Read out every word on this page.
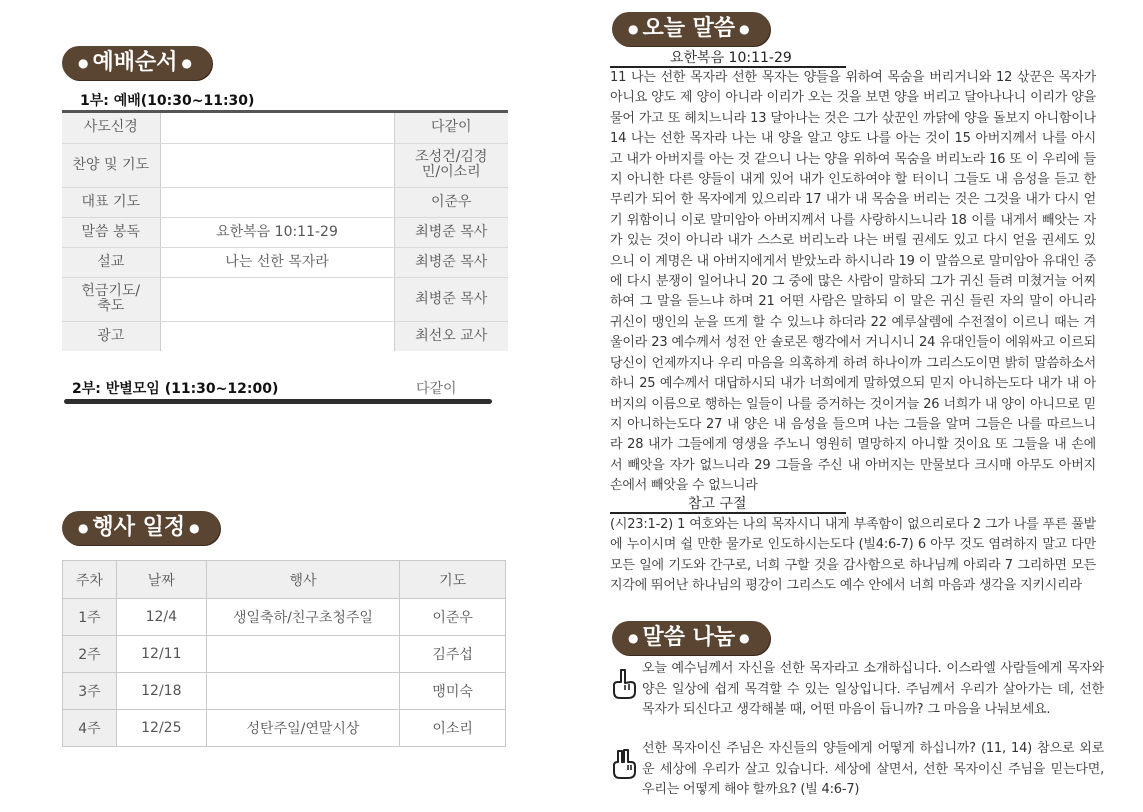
● 예배순서 ●
1부: 예배(10:30~11:30)
사도신경		다같이
찬양 및 기도		조성건/김경민/이소리
대표 기도		이준우
말씀 봉독	요한복음 10:11-29	최병준 목사
설교	나는 선한 목자라	최병준 목사
헌금기도/축도		최병준 목사
광고		최선오 교사
2부: 반별모임 (11:30~12:00)	다같이
● 행사 일정 ●
주차	날짜	행사	기도
1주	12/4	생일축하/친구초청주일	이준우
2주	12/11		김주섭
3주	12/18		맹미숙
4주	12/25	성탄주일/연말시상	이소리
● 오늘 말씀 ●
요한복음 10:11-29
11 나는 선한 목자라 선한 목자는 양들을 위하여 목숨을 버리거니와 12 삯꾼은 목자가 아니요 양도 제 양이 아니라 이리가 오는 것을 보면 양을 버리고 달아나나니 이리가 양을 물어 가고 또 헤치느니라 13 달아나는 것은 그가 삯꾼인 까닭에 양을 돌보지 아니함이나 14 나는 선한 목자라 나는 내 양을 알고 양도 나를 아는 것이 15 아버지께서 나를 아시고 내가 아버지를 아는 것 같으니 나는 양을 위하여 목숨을 버리노라 16 또 이 우리에 들지 아니한 다른 양들이 내게 있어 내가 인도하여야 할 터이니 그들도 내 음성을 듣고 한 무리가 되어 한 목자에게 있으리라 17 내가 내 목숨을 버리는 것은 그것을 내가 다시 얻기 위함이니 이로 말미암아 아버지께서 나를 사랑하시느니라 18 이를 내게서 빼앗는 자가 있는 것이 아니라 내가 스스로 버리노라 나는 버릴 권세도 있고 다시 얻을 권세도 있으니 이 계명은 내 아버지에게서 받았노라 하시니라 19 이 말씀으로 말미암아 유대인 중에 다시 분쟁이 일어나니 20 그 중에 많은 사람이 말하되 그가 귀신 들려 미쳤거늘 어찌하여 그 말을 듣느냐 하며 21 어떤 사람은 말하되 이 말은 귀신 들린 자의 말이 아니라 귀신이 맹인의 눈을 뜨게 할 수 있느냐 하더라 22 예루살렘에 수전절이 이르니 때는 겨울이라 23 예수께서 성전 안 솔로몬 행각에서 거니시니 24 유대인들이 에워싸고 이르되 당신이 언제까지나 우리 마음을 의혹하게 하려 하나이까 그리스도이면 밝히 말씀하소서 하니 25 예수께서 대답하시되 내가 너희에게 말하였으되 믿지 아니하는도다 내가 내 아버지의 이름으로 행하는 일들이 나를 증거하는 것이거늘 26 너희가 내 양이 아니므로 믿지 아니하는도다 27 내 양은 내 음성을 들으며 나는 그들을 알며 그들은 나를 따르느니라 28 내가 그들에게 영생을 주노니 영원히 멸망하지 아니할 것이요 또 그들을 내 손에서 빼앗을 자가 없느니라 29 그들을 주신 내 아버지는 만물보다 크시매 아무도 아버지 손에서 빼앗을 수 없느니라
참고 구절
(시23:1-2) 1 여호와는 나의 목자시니 내게 부족함이 없으리로다 2 그가 나를 푸른 풀밭에 누이시며 쉴 만한 물가로 인도하시는도다 (빌4:6-7) 6 아무 것도 염려하지 말고 다만 모든 일에 기도와 간구로, 너희 구할 것을 감사함으로 하나님께 아뢰라 7 그리하면 모든 지각에 뛰어난 하나님의 평강이 그리스도 예수 안에서 너희 마음과 생각을 지키시리라
● 말씀 나눔 ●
오늘 예수님께서 자신을 선한 목자라고 소개하십니다. 이스라엘 사람들에게 목자와 양은 일상에 쉽게 목격할 수 있는 일상입니다. 주님께서 우리가 살아가는 데, 선한 목자가 되신다고 생각해볼 때, 어떤 마음이 듭니까? 그 마음을 나눠보세요.
선한 목자이신 주님은 자신들의 양들에게 어떻게 하십니까? (11, 14) 참으로 외로운 세상에 우리가 살고 있습니다. 세상에 살면서, 선한 목자이신 주님을 믿는다면, 우리는 어떻게 해야 할까요? (빌 4:6-7)
